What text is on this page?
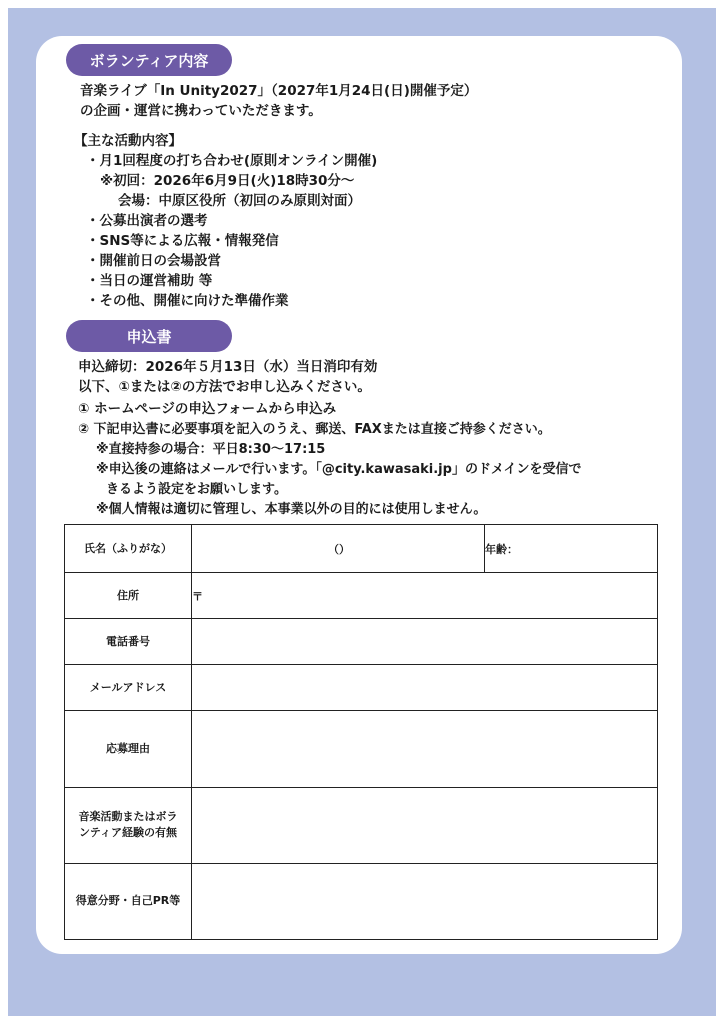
ボランティア内容
音楽ライブ「In Unity2027」（2027年1月24日(日)開催予定）
の企画・運営に携わっていただきます。
【主な活動内容】
・月1回程度の打ち合わせ(原則オンライン開催)
※初回：2026年6月9日(火)18時30分～
会場：中原区役所（初回のみ原則対面）
・公募出演者の選考
・SNS等による広報・情報発信
・開催前日の会場設営
・当日の運営補助 等
・その他、開催に向けた準備作業
申込書
申込締切：2026年５月13日（水）当日消印有効
以下、①または②の方法でお申し込みください。
① ホームページの申込フォームから申込み
② 下記申込書に必要事項を記入のうえ、郵送、FAXまたは直接ご持参ください。
※直接持参の場合：平日8:30～17:15
※申込後の連絡はメールで行います。「@city.kawasaki.jp」のドメインを受信で
きるよう設定をお願いします。
※個人情報は適切に管理し、本事業以外の目的には使用しません。
氏名（ふりがな）	（ ）	年齢：
住所	〒	
電話番号		
メールアドレス		
応募理由		

音楽活動またはボラ
ンティア経験の有無		

得意分野・自己PR等		
